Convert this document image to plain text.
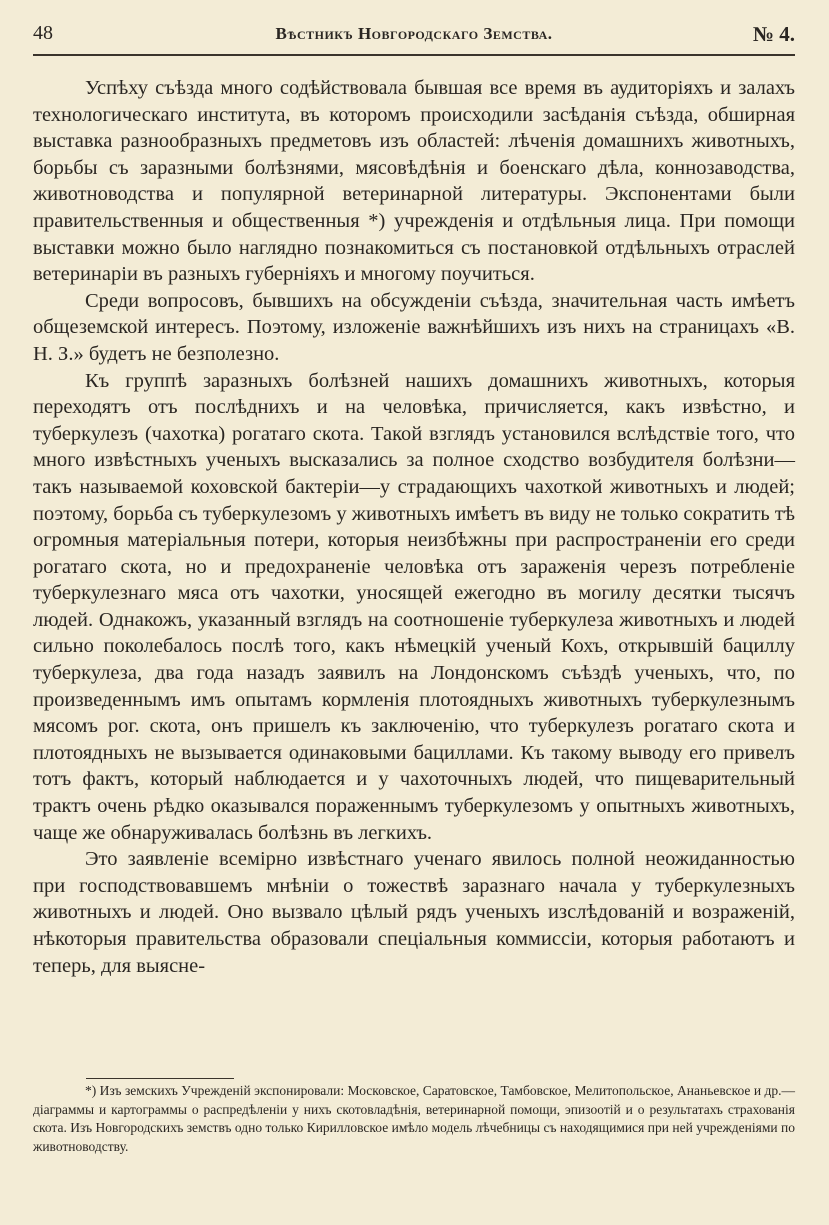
48	Вѣстникъ Новгородскаго Земства.	№ 4.

Успѣху съѣзда много содѣйствовала бывшая все время въ аудиторіяхъ и залахъ технологическаго института, въ которомъ происходили засѣданія съѣзда, обширная выставка разнообразныхъ предметовъ изъ областей: лѣченія домашнихъ животныхъ, борьбы съ заразными болѣзнями, мясовѣдѣнія и боенскаго дѣла, коннозаводства, животноводства и популярной ветеринарной литературы. Экспонентами были правительственныя и общественныя *) учрежденія и отдѣльныя лица. При помощи выставки можно было наглядно познакомиться съ постановкой отдѣльныхъ отраслей ветеринаріи въ разныхъ губерніяхъ и многому поучиться.

Среди вопросовъ, бывшихъ на обсужденіи съѣзда, значительная часть имѣетъ общеземской интересъ. Поэтому, изложеніе важнѣйшихъ изъ нихъ на страницахъ «В. Н. З.» будетъ не безполезно.

Къ группѣ заразныхъ болѣзней нашихъ домашнихъ животныхъ, которыя переходятъ отъ послѣднихъ и на человѣка, причисляется, какъ извѣстно, и туберкулезъ (чахотка) рогатаго скота. Такой взглядъ установился вслѣдствіе того, что много извѣстныхъ ученыхъ высказались за полное сходство возбудителя болѣзни—такъ называемой коховской бактеріи—у страдающихъ чахоткой животныхъ и людей; поэтому, борьба съ туберкулезомъ у животныхъ имѣетъ въ виду не только сократить тѣ огромныя матеріальныя потери, которыя неизбѣжны при распространеніи его среди рогатаго скота, но и предохраненіе человѣка отъ зараженія черезъ потребленіе туберкулезнаго мяса отъ чахотки, уносящей ежегодно въ могилу десятки тысячъ людей. Однакожъ, указанный взглядъ на соотношеніе туберкулеза животныхъ и людей сильно поколебалось послѣ того, какъ нѣмецкій ученый Кохъ, открывшій бациллу туберкулеза, два года назадъ заявилъ на Лондонскомъ съѣздѣ ученыхъ, что, по произведеннымъ имъ опытамъ кормленія плотоядныхъ животныхъ туберкулезнымъ мясомъ рог. скота, онъ пришелъ къ заключенію, что туберкулезъ рогатаго скота и плотоядныхъ не вызывается одинаковыми бациллами. Къ такому выводу его привелъ тотъ фактъ, который наблюдается и у чахоточныхъ людей, что пищеварительный трактъ очень рѣдко оказывался пораженнымъ туберкулезомъ у опытныхъ животныхъ, чаще же обнаруживалась болѣзнь въ легкихъ.

Это заявленіе всемірно извѣстнаго ученаго явилось полной неожиданностью при господствовавшемъ мнѣніи о тожествѣ заразнаго начала у туберкулезныхъ животныхъ и людей. Оно вызвало цѣлый рядъ ученыхъ изслѣдованій и возраженій, нѣкоторыя правительства образовали спеціальныя коммиссіи, которыя работаютъ и теперь, для выясне-

*) Изъ земскихъ Учрежденій экспонировали: Московское, Саратовское, Тамбовское, Мелитопольское, Ананьевское и др.—діаграммы и картограммы о распредѣленіи у нихъ скотовладѣнія, ветеринарной помощи, эпизоотій и о результатахъ страхованія скота. Изъ Новгородскихъ земствъ одно только Кирилловское имѣло модель лѣчебницы съ находящимися при ней учрежденіями по животноводству.
